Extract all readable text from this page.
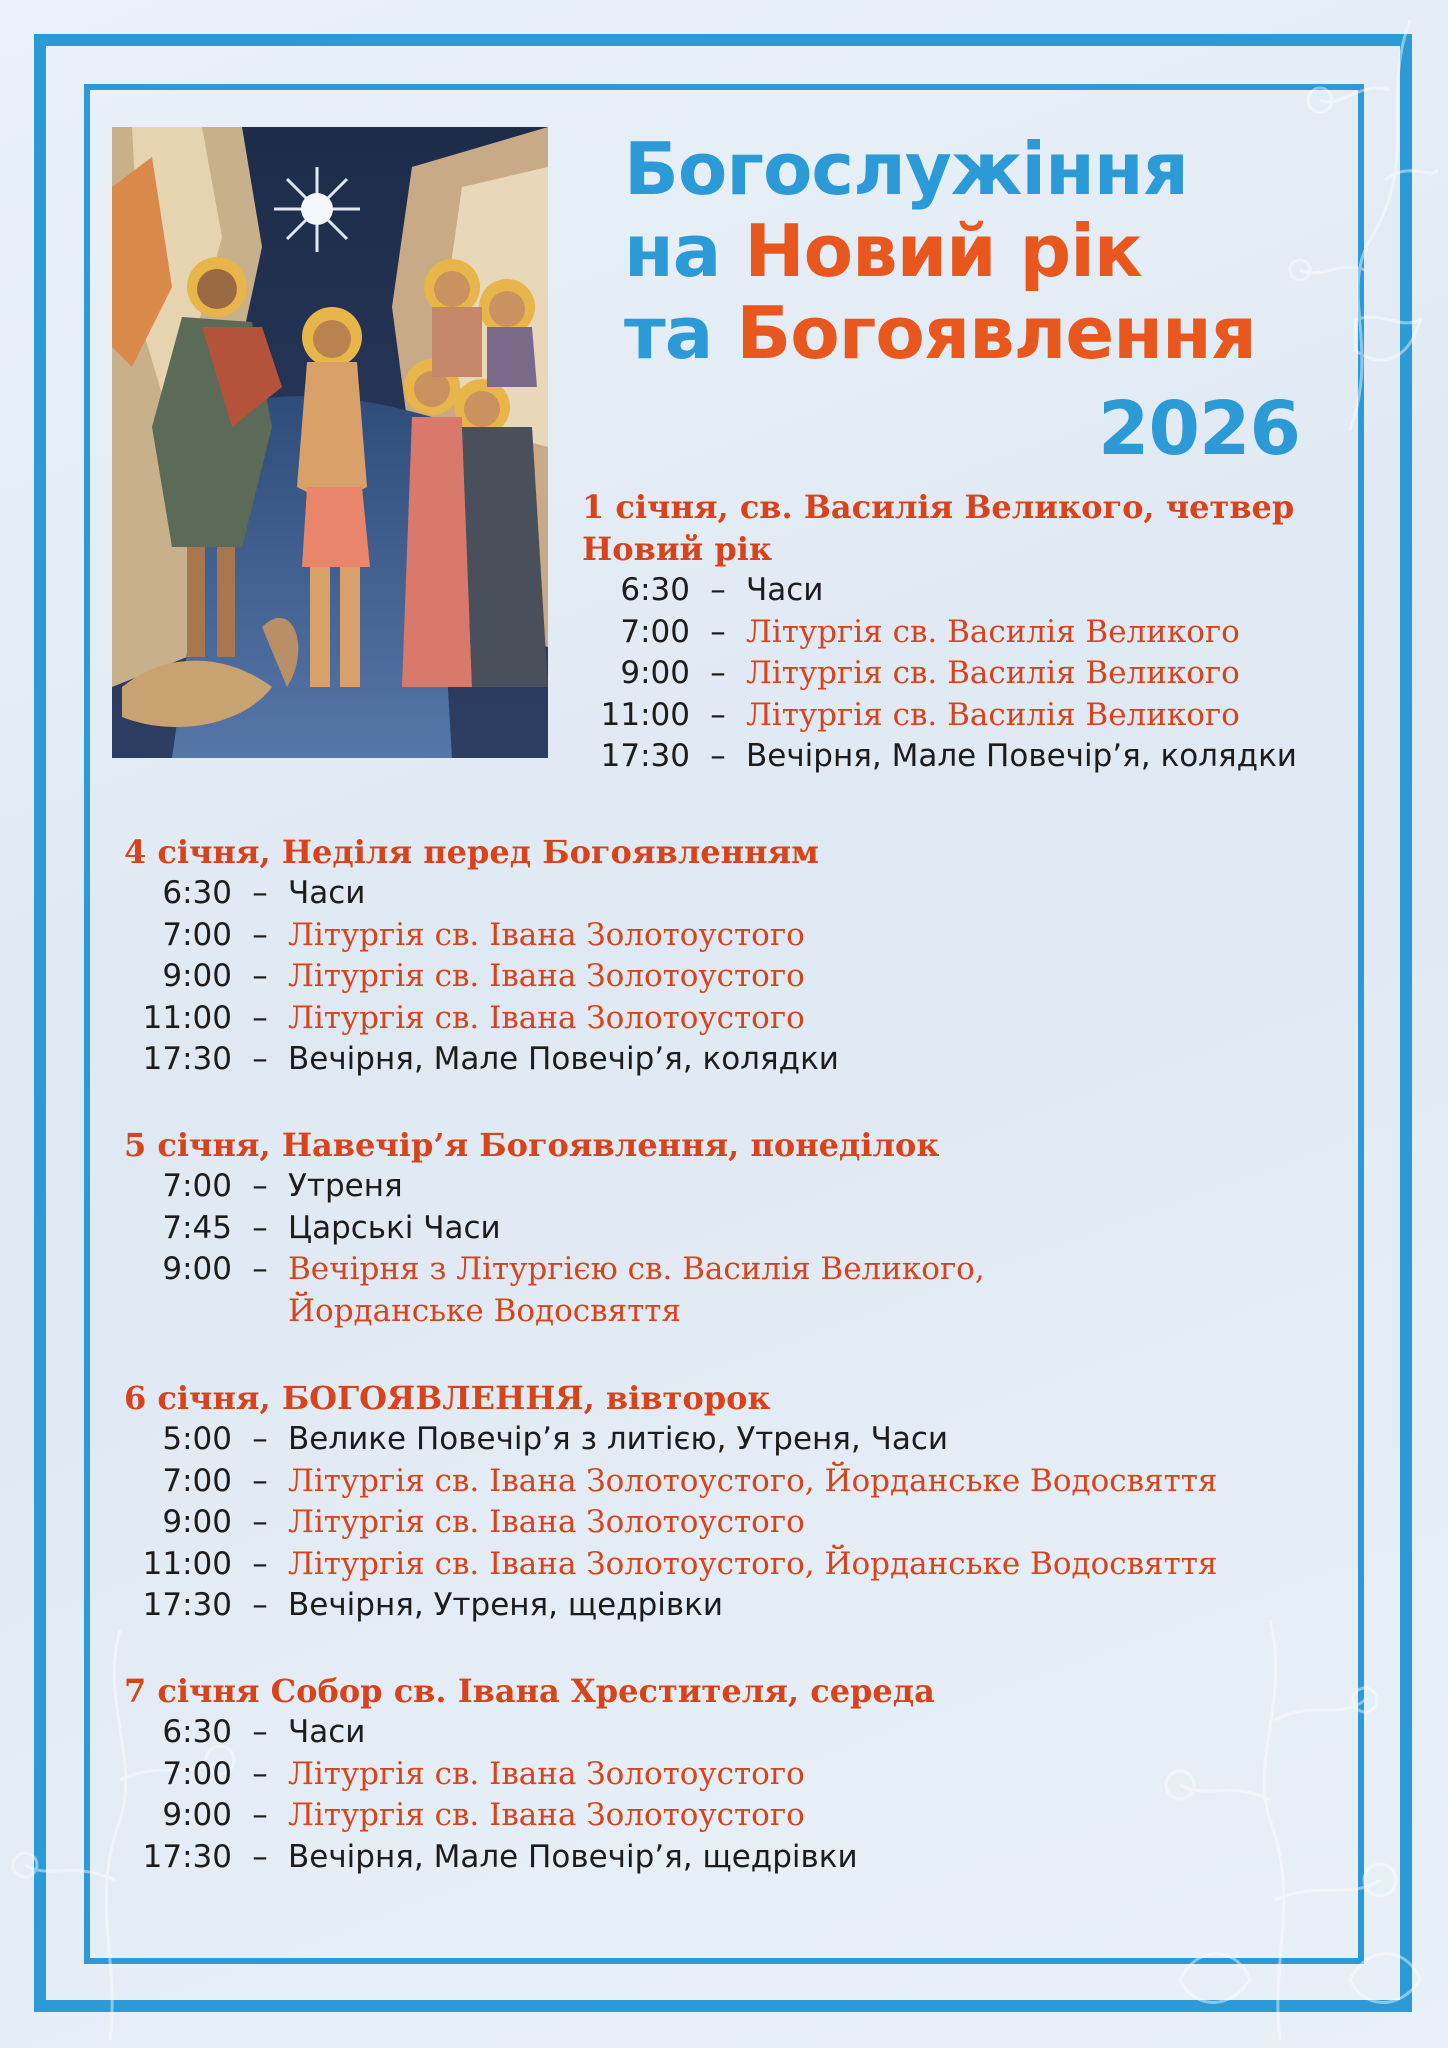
Богослужіння
на Новий рік
та Богоявлення
2026
1 січня, св. Василія Великого, четвер
Новий рік
6:30 – Часи
7:00 – Літургія св. Василія Великого
9:00 – Літургія св. Василія Великого
11:00 – Літургія св. Василія Великого
17:30 – Вечірня, Мале Повечір’я, колядки
4 січня, Неділя перед Богоявленням
6:30 – Часи
7:00 – Літургія св. Івана Золотоустого
9:00 – Літургія св. Івана Золотоустого
11:00 – Літургія св. Івана Золотоустого
17:30 – Вечірня, Мале Повечір’я, колядки
5 січня, Навечір’я Богоявлення, понеділок
7:00 – Утреня
7:45 – Царські Часи
9:00 – Вечірня з Літургією св. Василія Великого,
Йорданське Водосвяття
6 січня, БОГОЯВЛЕННЯ, вівторок
5:00 – Велике Повечір’я з литією, Утреня, Часи
7:00 – Літургія св. Івана Золотоустого, Йорданське Водосвяття
9:00 – Літургія св. Івана Золотоустого
11:00 – Літургія св. Івана Золотоустого, Йорданське Водосвяття
17:30 – Вечірня, Утреня, щедрівки
7 січня Собор св. Івана Хрестителя, середа
6:30 – Часи
7:00 – Літургія св. Івана Золотоустого
9:00 – Літургія св. Івана Золотоустого
17:30 – Вечірня, Мале Повечір’я, щедрівки
